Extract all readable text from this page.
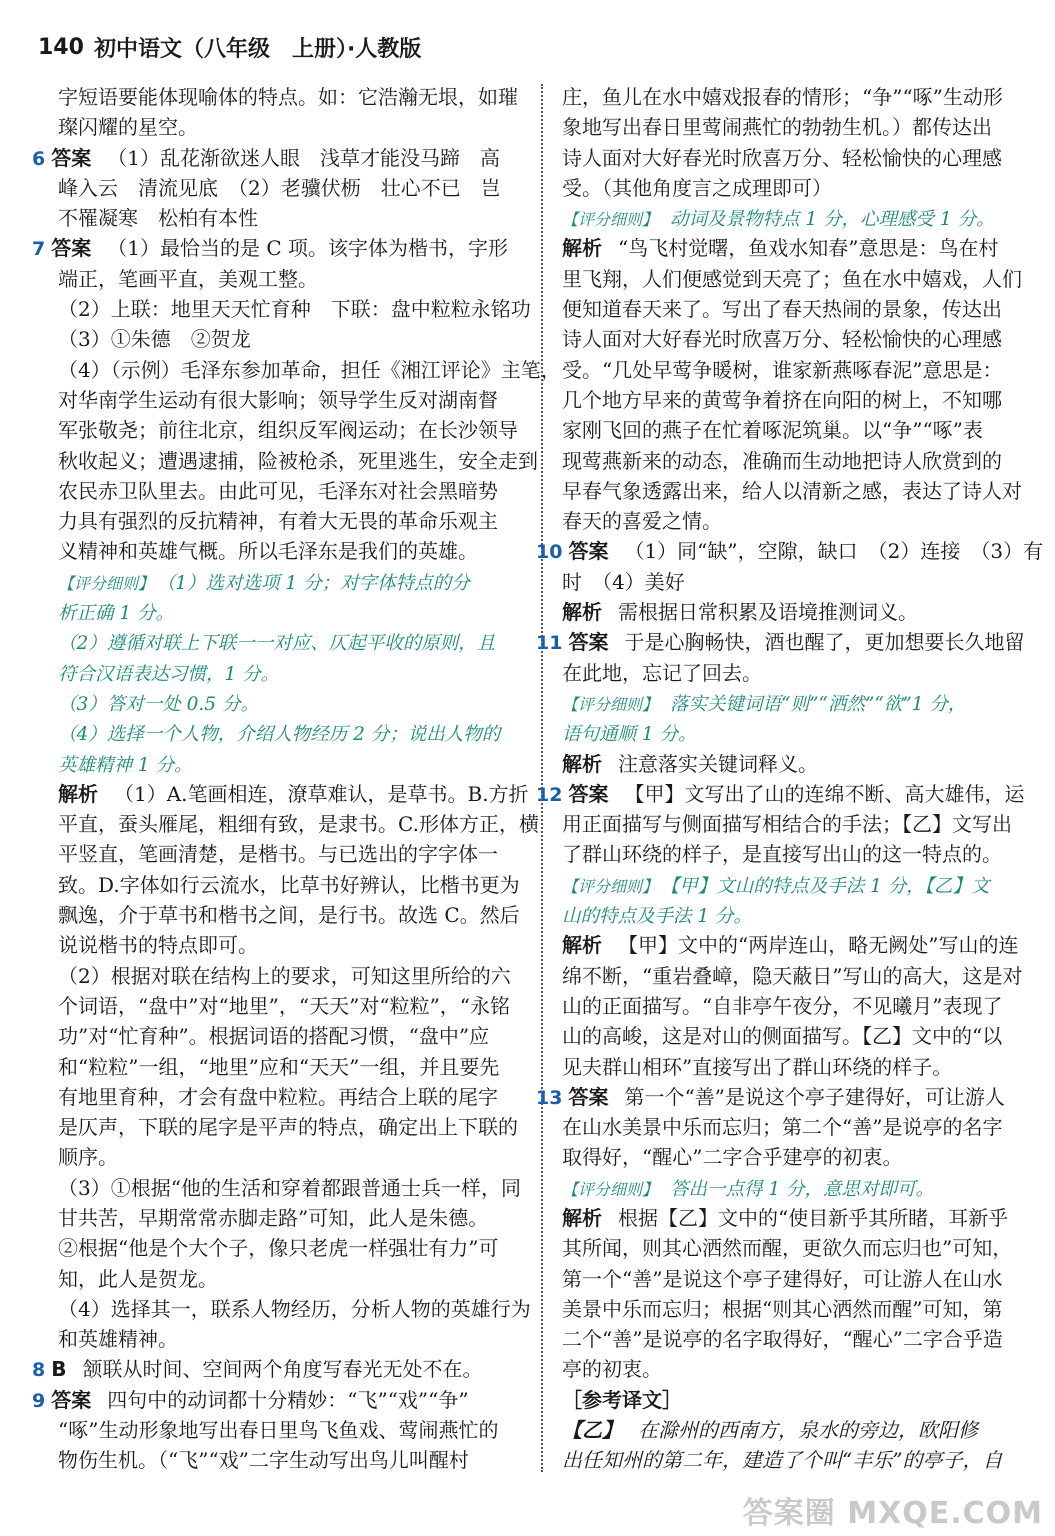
140 初中语文（八年级　上册）·人教版
字短语要能体现喻体的特点。如：它浩瀚无垠，如璀
璨闪耀的星空。
6 答案 （1）乱花渐欲迷人眼　浅草才能没马蹄　高
峰入云　清流见底　（2）老骥伏枥　壮心不已　岂
不罹凝寒　松柏有本性
7 答案 （1）最恰当的是 C 项。该字体为楷书，字形
端正，笔画平直，美观工整。
（2）上联：地里天天忙育种　下联：盘中粒粒永铭功
（3）①朱德　②贺龙
（4）（示例）毛泽东参加革命，担任《湘江评论》主笔，
对华南学生运动有很大影响；领导学生反对湖南督
军张敬尧；前往北京，组织反军阀运动；在长沙领导
秋收起义；遭遇逮捕，险被枪杀，死里逃生，安全走到
农民赤卫队里去。由此可见，毛泽东对社会黑暗势
力具有强烈的反抗精神，有着大无畏的革命乐观主
义精神和英雄气概。所以毛泽东是我们的英雄。
【评分细则】 （1）选对选项 1 分；对字体特点的分
析正确 1 分。
（2）遵循对联上下联一一对应、仄起平收的原则，且
符合汉语表达习惯，1 分。
（3）答对一处 0.5 分。
（4）选择一个人物，介绍人物经历 2 分；说出人物的
英雄精神 1 分。
解析 （1）A.笔画相连，潦草难认，是草书。B.方折
平直，蚕头雁尾，粗细有致，是隶书。C.形体方正，横
平竖直，笔画清楚，是楷书。与已选出的字字体一
致。D.字体如行云流水，比草书好辨认，比楷书更为
飘逸，介于草书和楷书之间，是行书。故选 C。然后
说说楷书的特点即可。
（2）根据对联在结构上的要求，可知这里所给的六
个词语，“盘中”对“地里”，“天天”对“粒粒”，“永铭
功”对“忙育种”。根据词语的搭配习惯，“盘中”应
和“粒粒”一组，“地里”应和“天天”一组，并且要先
有地里育种，才会有盘中粒粒。再结合上联的尾字
是仄声，下联的尾字是平声的特点，确定出上下联的
顺序。
（3）①根据“他的生活和穿着都跟普通士兵一样，同
甘共苦，早期常常赤脚走路”可知，此人是朱德。
②根据“他是个大个子，像只老虎一样强壮有力”可
知，此人是贺龙。
（4）选择其一，联系人物经历，分析人物的英雄行为
和英雄精神。
8 B 颔联从时间、空间两个角度写春光无处不在。
9 答案 四句中的动词都十分精妙：“飞”“戏”“争”
“啄”生动形象地写出春日里鸟飞鱼戏、莺闹燕忙的
物伤生机。（“飞”“戏”二字生动写出鸟儿叫醒村
庄，鱼儿在水中嬉戏报春的情形；“争”“啄”生动形
象地写出春日里莺闹燕忙的勃勃生机。）都传达出
诗人面对大好春光时欣喜万分、轻松愉快的心理感
受。（其他角度言之成理即可）
【评分细则】 动词及景物特点 1 分，心理感受 1 分。
解析 “鸟飞村觉曙，鱼戏水知春”意思是：鸟在村
里飞翔，人们便感觉到天亮了；鱼在水中嬉戏，人们
便知道春天来了。写出了春天热闹的景象，传达出
诗人面对大好春光时欣喜万分、轻松愉快的心理感
受。“几处早莺争暖树，谁家新燕啄春泥”意思是：
几个地方早来的黄莺争着挤在向阳的树上，不知哪
家刚飞回的燕子在忙着啄泥筑巢。以“争”“啄”表
现莺燕新来的动态，准确而生动地把诗人欣赏到的
早春气象透露出来，给人以清新之感，表达了诗人对
春天的喜爱之情。
10 答案 （1）同“缺”，空隙，缺口　（2）连接　（3）有
时　（4）美好
解析 需根据日常积累及语境推测词义。
11 答案 于是心胸畅快，酒也醒了，更加想要长久地留
在此地，忘记了回去。
【评分细则】 落实关键词语“则”“洒然”“欲”1 分，
语句通顺 1 分。
解析 注意落实关键词释义。
12 答案 【甲】文写出了山的连绵不断、高大雄伟，运
用正面描写与侧面描写相结合的手法；【乙】文写出
了群山环绕的样子，是直接写出山的这一特点的。
【评分细则】 【甲】文山的特点及手法 1 分，【乙】文
山的特点及手法 1 分。
解析 【甲】文中的“两岸连山，略无阙处”写山的连
绵不断，“重岩叠嶂，隐天蔽日”写山的高大，这是对
山的正面描写。“自非亭午夜分，不见曦月”表现了
山的高峻，这是对山的侧面描写。【乙】文中的“以
见夫群山相环”直接写出了群山环绕的样子。
13 答案 第一个“善”是说这个亭子建得好，可让游人
在山水美景中乐而忘归；第二个“善”是说亭的名字
取得好，“醒心”二字合乎建亭的初衷。
【评分细则】 答出一点得 1 分，意思对即可。
解析 根据【乙】文中的“使目新乎其所睹，耳新乎
其所闻，则其心洒然而醒，更欲久而忘归也”可知，
第一个“善”是说这个亭子建得好，可让游人在山水
美景中乐而忘归；根据“则其心洒然而醒”可知，第
二个“善”是说亭的名字取得好，“醒心”二字合乎造
亭的初衷。
［参考译文］
【乙】 在滁州的西南方，泉水的旁边，欧阳修
出任知州的第二年，建造了个叫“丰乐”的亭子，自
答案圈 MXQE.COM
